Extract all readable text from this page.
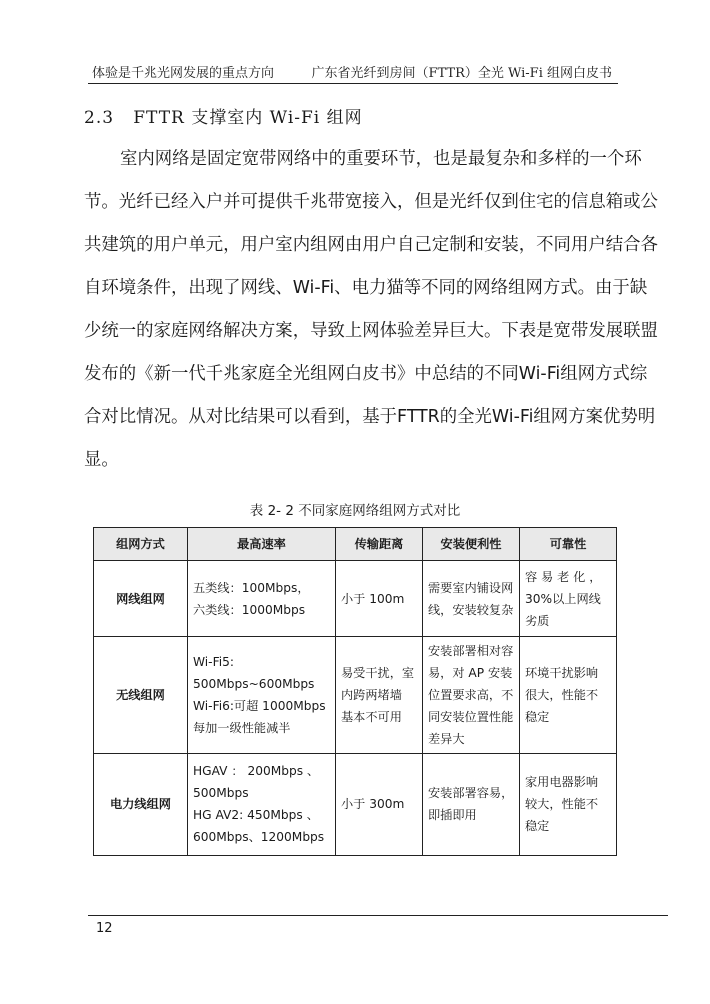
体验是千兆光网发展的重点方向	广东省光纤到房间（FTTR）全光 Wi-Fi 组网白皮书
2.3 FTTR 支撑室内 Wi-Fi 组网
室内网络是固定宽带网络中的重要环节，也是最复杂和多样的一个环
节。光纤已经入户并可提供千兆带宽接入，但是光纤仅到住宅的信息箱或公
共建筑的用户单元，用户室内组网由用户自己定制和安装，不同用户结合各
自环境条件，出现了网线、Wi-Fi、电力猫等不同的网络组网方式。由于缺
少统一的家庭网络解决方案，导致上网体验差异巨大。下表是宽带发展联盟
发布的《新一代千兆家庭全光组网白皮书》中总结的不同Wi-Fi组网方式综
合对比情况。从对比结果可以看到，基于FTTR的全光Wi-Fi组网方案优势明
显。
表 2- 2 不同家庭网络组网方式对比
组网方式	最高速率	传输距离	安装便利性	可靠性
网线组网	五类线：100Mbps，
六类线：1000Mbps	小于 100m	需要室内铺设网
线，安装较复杂	容 易 老 化 ，
30%以上网线
劣质

无线组网	Wi-Fi5:
500Mbps~600Mbps
Wi-Fi6:可超 1000Mbps
每加一级性能减半	易受干扰，室
内跨两堵墙
基本不可用	安装部署相对容
易，对 AP 安装
位置要求高，不
同安装位置性能
差异大	环境干扰影响
很大，性能不
稳定

电力线组网	HGAV ： 200Mbps 、
500Mbps
HG AV2: 450Mbps 、
600Mbps、1200Mbps	小于 300m	安装部署容易，
即插即用	家用电器影响
较大，性能不
稳定
12
